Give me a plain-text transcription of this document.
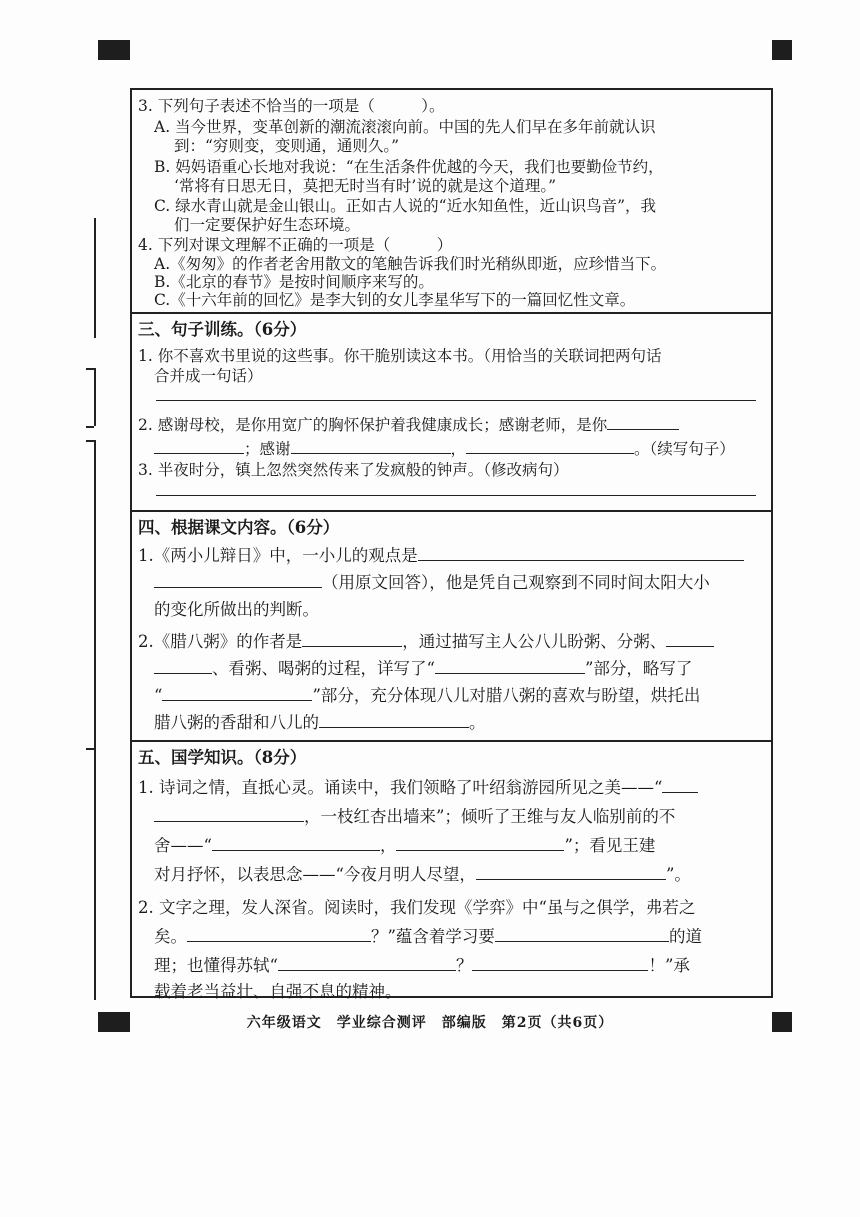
3. 下列句子表述不恰当的一项是（　　　）。
A. 当今世界，变革创新的潮流滚滚向前。中国的先人们早在多年前就认识
到：“穷则变，变则通，通则久。”
B. 妈妈语重心长地对我说：“在生活条件优越的今天，我们也要勤俭节约，
‘常将有日思无日，莫把无时当有时’说的就是这个道理。”
C. 绿水青山就是金山银山。正如古人说的“近水知鱼性，近山识鸟音”，我
们一定要保护好生态环境。
4. 下列对课文理解不正确的一项是（　　　）
A.《匆匆》的作者老舍用散文的笔触告诉我们时光稍纵即逝，应珍惜当下。
B.《北京的春节》是按时间顺序来写的。
C.《十六年前的回忆》是李大钊的女儿李星华写下的一篇回忆性文章。
三、句子训练。（6分）
1. 你不喜欢书里说的这些事。你干脆别读这本书。（用恰当的关联词把两句话
合并成一句话）
2. 感谢母校，是你用宽广的胸怀保护着我健康成长；感谢老师，是你
；感谢	，	。（续写句子）
3. 半夜时分，镇上忽然突然传来了发疯般的钟声。（修改病句）
四、根据课文内容。（6分）
1.《两小儿辩日》中，一小儿的观点是
（用原文回答），他是凭自己观察到不同时间太阳大小
的变化所做出的判断。
2.《腊八粥》的作者是	，通过描写主人公八儿盼粥、分粥、
、看粥、喝粥的过程，详写了“	”部分，略写了
“	”部分，充分体现八儿对腊八粥的喜欢与盼望，烘托出
腊八粥的香甜和八儿的	。
五、国学知识。（8分）
1. 诗词之情，直抵心灵。诵读中，我们领略了叶绍翁游园所见之美——“
，一枝红杏出墙来”；倾听了王维与友人临别前的不
舍——“	，	”；看见王建
对月抒怀，以表思念——“今夜月明人尽望，	”。
2. 文字之理，发人深省。阅读时，我们发现《学弈》中“虽与之俱学，弗若之
矣。	？”蕴含着学习要	的道
理；也懂得苏轼“	？	！”承
载着老当益壮、自强不息的精神。
六年级语文　学业综合测评　部编版　第2页（共6页）
